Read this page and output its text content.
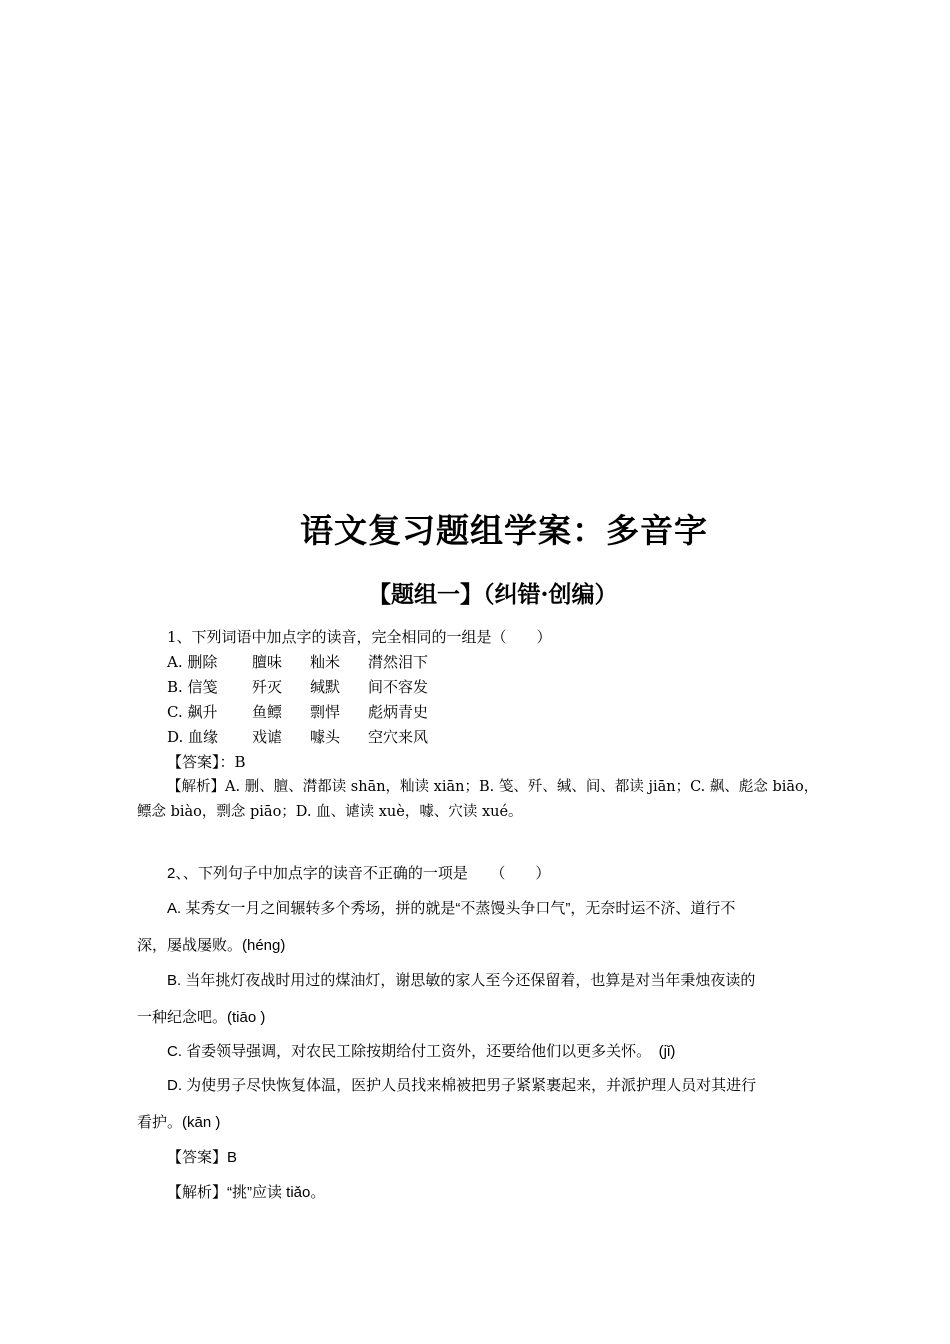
语文复习题组学案：多音字
【题组一】（纠错·创编）
1、下列词语中加点字的读音，完全相同的一组是（　　）
A. 删除 膻味 籼米 潸然泪下
B. 信笺 歼灭 缄默 间不容发
C. 飙升 鱼鳔 剽悍 彪炳青史
D. 血缘 戏谑 噱头 空穴来风
【答案】：B
【解析】A. 删、膻、潸都读 shān，籼读 xiān；B. 笺、歼、缄、间、都读 jiān；C. 飙、彪念 biāo，
鳔念 biào，剽念 piāo；D. 血、谑读 xuè，噱、穴读 xué。
2、、下列句子中加点字的读音不正确的一项是　　（　　）
A. 某秀女一月之间辗转多个秀场，拼的就是“不蒸馒头争口气”，无奈时运不济、道行不
深，屡战屡败。(héng)
B. 当年挑灯夜战时用过的煤油灯，谢思敏的家人至今还保留着，也算是对当年秉烛夜读的
一种纪念吧。(tiāo )
C. 省委领导强调，对农民工除按期给付工资外，还要给他们以更多关怀。　(jǐ)
D. 为使男子尽快恢复体温，医护人员找来棉被把男子紧紧裹起来，并派护理人员对其进行
看护。(kān )
【答案】B
【解析】“挑”应读 tiǎo。
